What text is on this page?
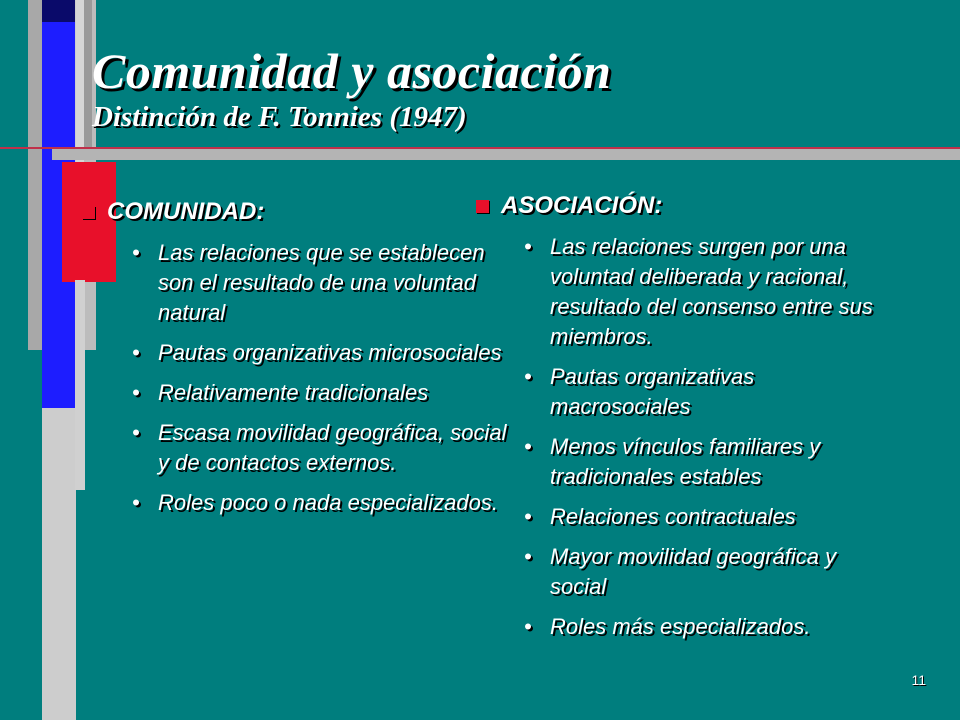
Comunidad y asociación
Distinción de F. Tonnies (1947)
COMUNIDAD:
• Las relaciones que se establecen son el resultado de una voluntad natural
• Pautas organizativas microsociales
• Relativamente tradicionales
• Escasa movilidad geográfica, social y de contactos externos.
• Roles poco o nada especializados.
ASOCIACIÓN:
• Las relaciones surgen por una voluntad deliberada y racional, resultado del consenso entre sus miembros.
• Pautas organizativas macrosociales
• Menos vínculos familiares y tradicionales estables
• Relaciones contractuales
• Mayor movilidad geográfica y social
• Roles más especializados.
11
